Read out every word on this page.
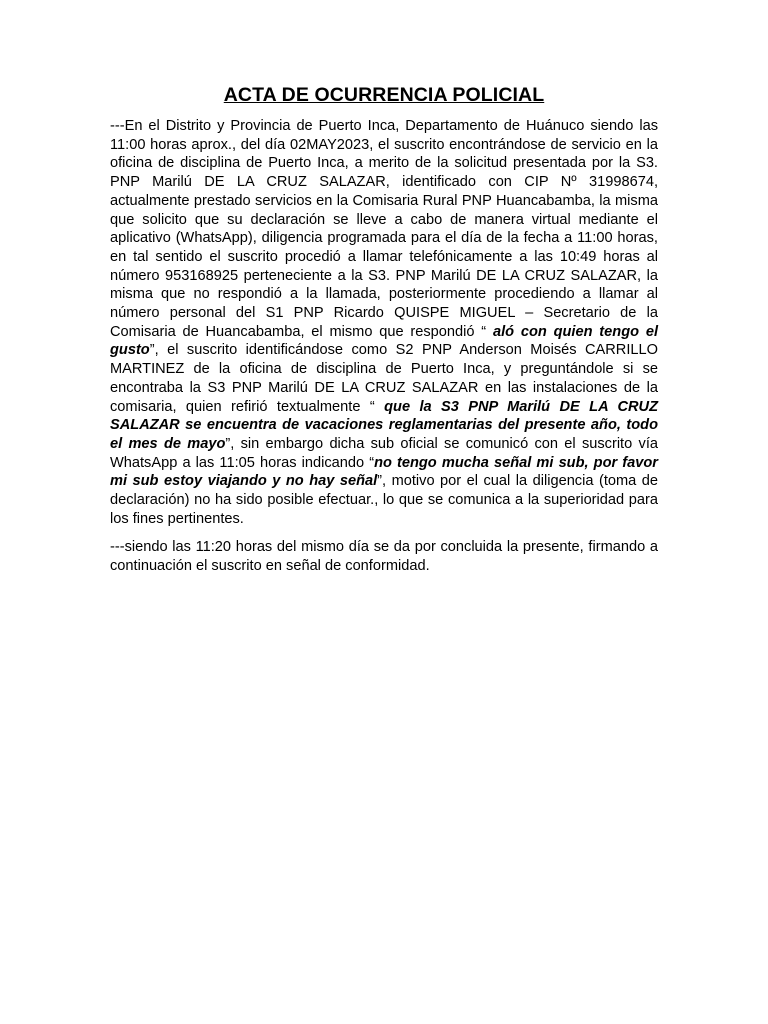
ACTA DE OCURRENCIA POLICIAL

---En el Distrito y Provincia de Puerto Inca, Departamento de Huánuco siendo las 11:00 horas aprox., del día 02MAY2023, el suscrito encontrándose de servicio en la oficina de disciplina de Puerto Inca, a merito de la solicitud presentada por la S3. PNP Marilú DE LA CRUZ SALAZAR, identificado con CIP Nº 31998674, actualmente prestado servicios en la Comisaria Rural PNP Huancabamba, la misma que solicito que su declaración se lleve a cabo de manera virtual mediante el aplicativo (WhatsApp), diligencia programada para el día de la fecha a 11:00 horas, en tal sentido el suscrito procedió a llamar telefónicamente a las 10:49 horas al número 953168925 perteneciente a la S3. PNP Marilú DE LA CRUZ SALAZAR, la misma que no respondió a la llamada, posteriormente procediendo a llamar al número personal del S1 PNP Ricardo QUISPE MIGUEL – Secretario de la Comisaria de Huancabamba, el mismo que respondió “ aló con quien tengo el gusto”, el suscrito identificándose como S2 PNP Anderson Moisés CARRILLO MARTINEZ de la oficina de disciplina de Puerto Inca, y preguntándole si se encontraba la S3 PNP Marilú DE LA CRUZ SALAZAR en las instalaciones de la comisaria, quien refirió textualmente “ que la S3 PNP Marilú DE LA CRUZ SALAZAR se encuentra de vacaciones reglamentarias del presente año, todo el mes de mayo”, sin embargo dicha sub oficial se comunicó con el suscrito vía WhatsApp a las 11:05 horas indicando “no tengo mucha señal mi sub, por favor mi sub estoy viajando y no hay señal”, motivo por el cual la diligencia (toma de declaración) no ha sido posible efectuar., lo que se comunica a la superioridad para los fines pertinentes.

---siendo las 11:20 horas del mismo día se da por concluida la presente, firmando a continuación el suscrito en señal de conformidad.
